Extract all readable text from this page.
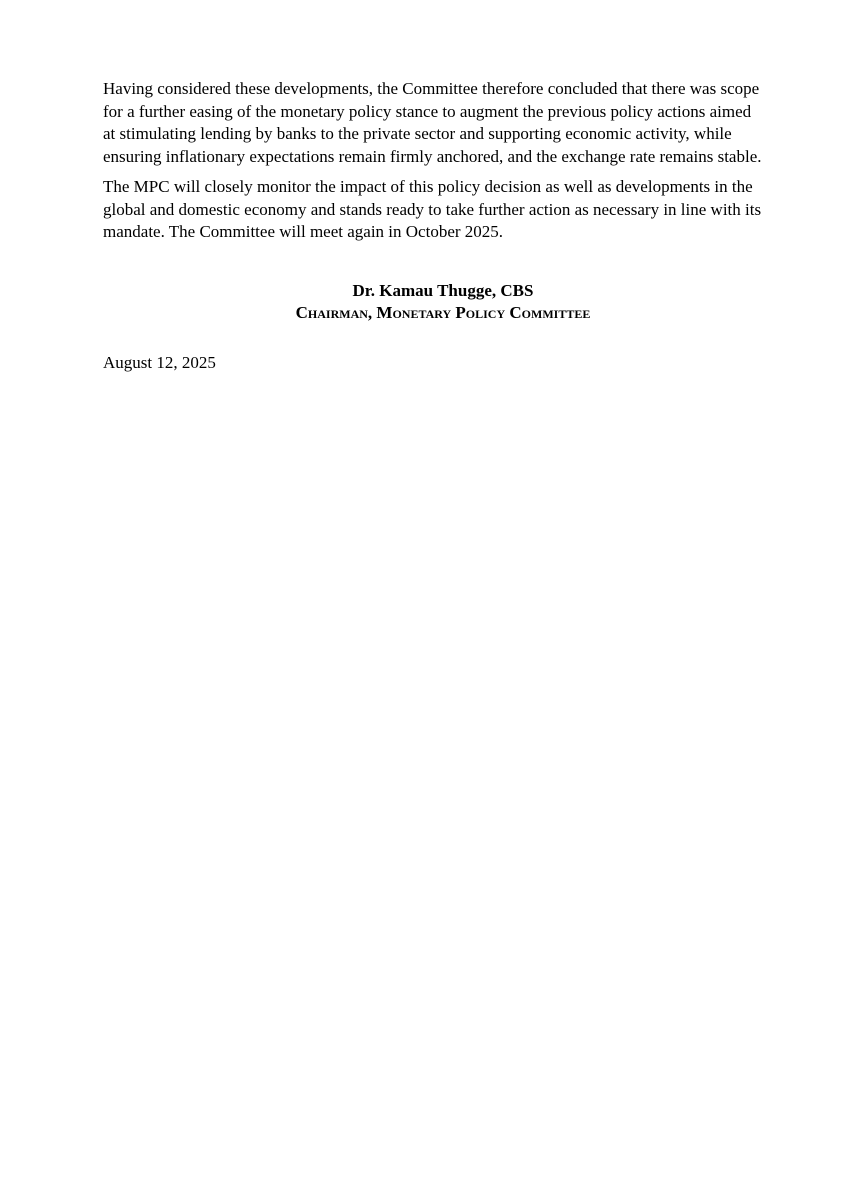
Having considered these developments, the Committee therefore concluded that there was scope for a further easing of the monetary policy stance to augment the previous policy actions aimed at stimulating lending by banks to the private sector and supporting economic activity, while ensuring inflationary expectations remain firmly anchored, and the exchange rate remains stable.

The MPC will closely monitor the impact of this policy decision as well as developments in the global and domestic economy and stands ready to take further action as necessary in line with its mandate. The Committee will meet again in October 2025.

Dr. Kamau Thugge, CBS
Chairman, Monetary Policy Committee
August 12, 2025
